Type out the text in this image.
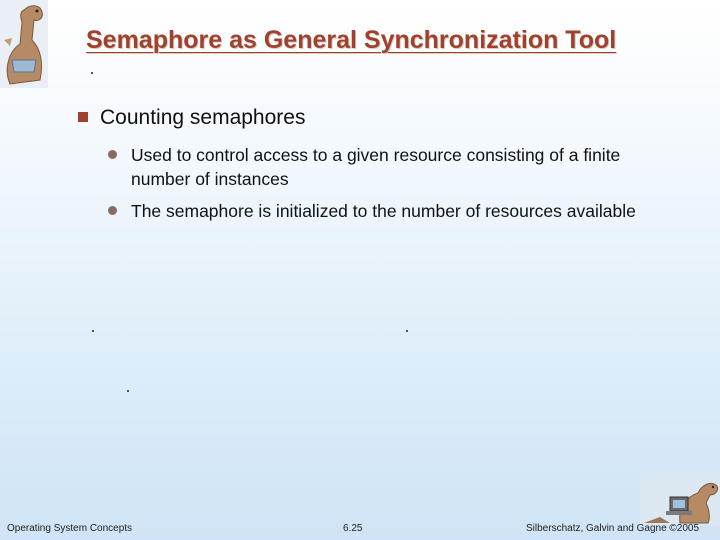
Semaphore as General Synchronization Tool
Counting semaphores
Used to control access to a given resource consisting of a finite number of instances
The semaphore is initialized to the number of resources available
Operating System Concepts	6.25	Silberschatz, Galvin and Gagne ©2005
